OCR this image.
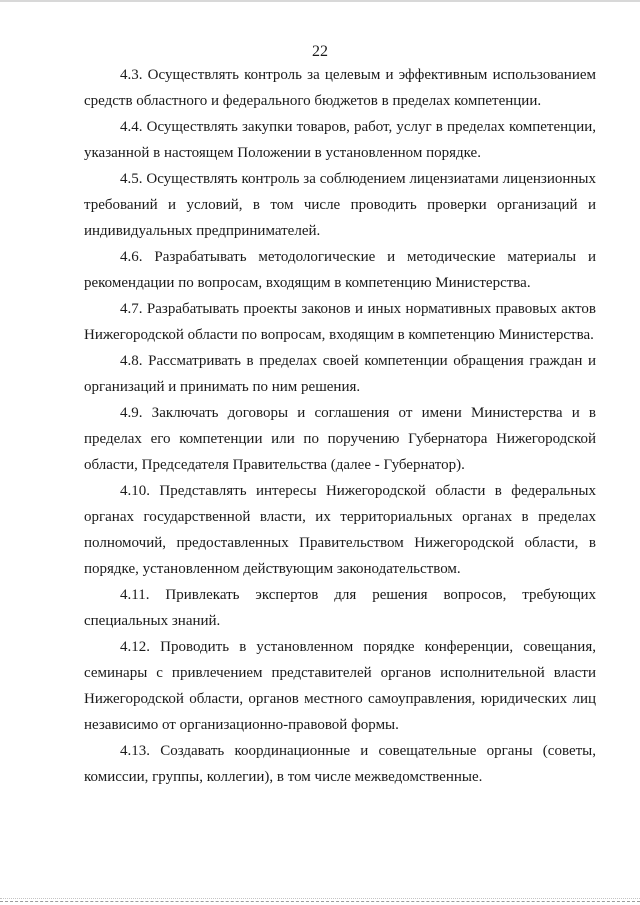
22

4.3. Осуществлять контроль за целевым и эффективным использованием средств областного и федерального бюджетов в пределах компетенции.

4.4. Осуществлять закупки товаров, работ, услуг в пределах компетенции, указанной в настоящем Положении в установленном порядке.

4.5. Осуществлять контроль за соблюдением лицензиатами лицензионных требований и условий, в том числе проводить проверки организаций и индивидуальных предпринимателей.

4.6. Разрабатывать методологические и методические материалы и рекомендации по вопросам, входящим в компетенцию Министерства.

4.7. Разрабатывать проекты законов и иных нормативных правовых актов Нижегородской области по вопросам, входящим в компетенцию Министерства.

4.8. Рассматривать в пределах своей компетенции обращения граждан и организаций и принимать по ним решения.

4.9. Заключать договоры и соглашения от имени Министерства и в пределах его компетенции или по поручению Губернатора Нижегородской области, Председателя Правительства (далее - Губернатор).

4.10. Представлять интересы Нижегородской области в федеральных органах государственной власти, их территориальных органах в пределах полномочий, предоставленных Правительством Нижегородской области, в порядке, установленном действующим законодательством.

4.11. Привлекать экспертов для решения вопросов, требующих специальных знаний.

4.12. Проводить в установленном порядке конференции, совещания, семинары с привлечением представителей органов исполнительной власти Нижегородской области, органов местного самоуправления, юридических лиц независимо от организационно-правовой формы.

4.13. Создавать координационные и совещательные органы (советы, комиссии, группы, коллегии), в том числе межведомственные.
